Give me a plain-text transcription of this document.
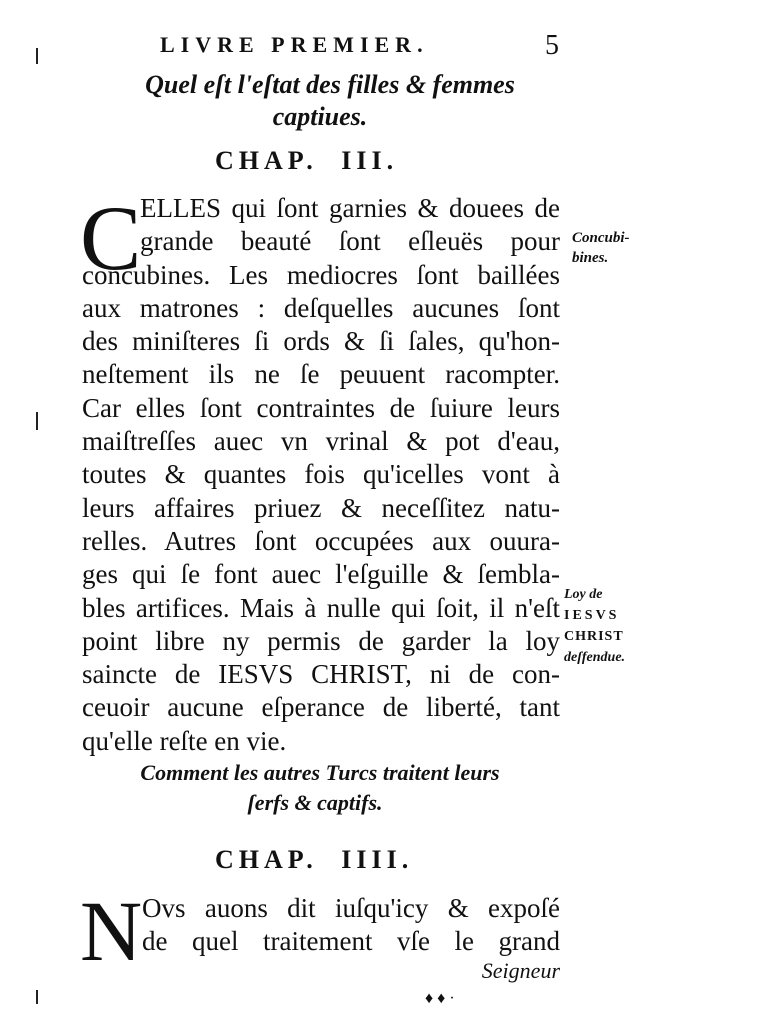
LIVRE PREMIER.	5
Quel eſt l'eſtat des filles & femmes
captiues.
CHAP. III.
C
ELLES qui ſont garnies & douees de
grande beauté ſont eſleuës pour
concubines. Les mediocres ſont baillées
aux matrones : deſquelles aucunes ſont
des miniſteres ſi ords & ſi ſales, qu'hon-
neſtement ils ne ſe peuuent racompter.
Car elles ſont contraintes de ſuiure leurs
maiſtreſſes auec vn vrinal & pot d'eau,
toutes & quantes fois qu'icelles vont à
leurs affaires priuez & neceſſitez natu-
relles. Autres ſont occupées aux ouura-
ges qui ſe font auec l'eſguille & ſembla-
bles artifices. Mais à nulle qui ſoit, il n'eſt
point libre ny permis de garder la loy
saincte de IESVS CHRIST, ni de con-
ceuoir aucune eſperance de liberté, tant
qu'elle reſte en vie.
Concubi-
bines.
Loy de
IESVS
CHRIST
deſfendue.
Comment les autres Turcs traitent leurs
ſerfs & captifs.
CHAP. IIII.
N Ovs auons dit iuſqu'icy & expoſé
de quel traitement vſe le grand
Seigneur
♦ ♦ ·
